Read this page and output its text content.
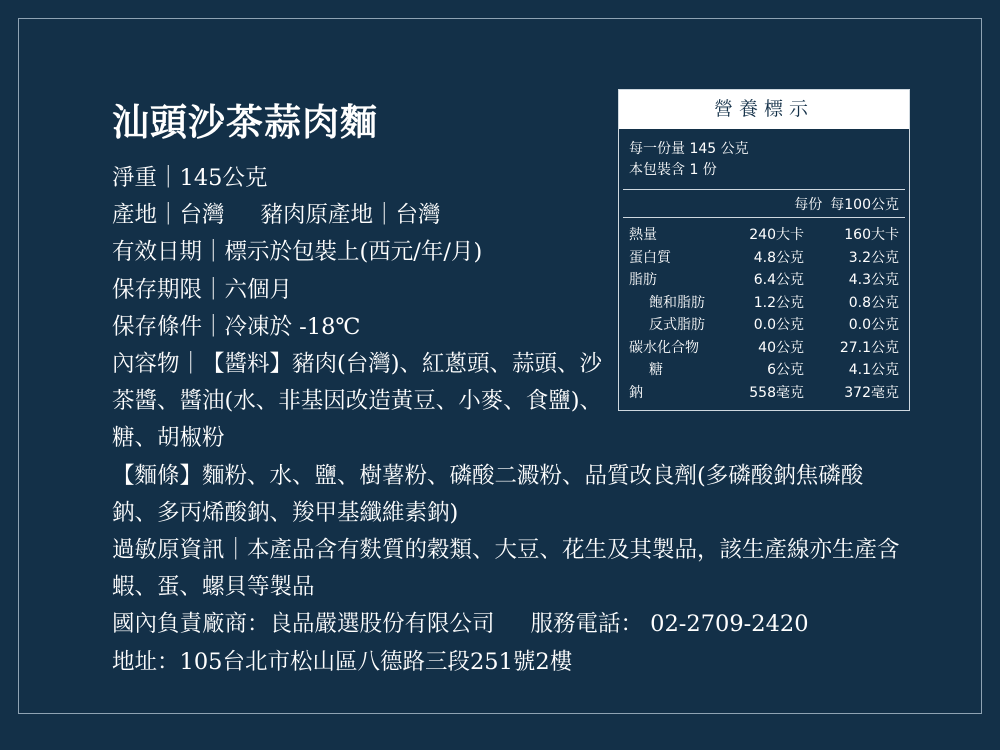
汕頭沙茶蒜肉麵
淨重｜145公克
產地｜台灣 豬肉原產地｜台灣
有效日期｜標示於包裝上(西元/年/月)
保存期限｜六個月
保存條件｜冷凍於 -18℃
內容物｜【醬料】豬肉(台灣)、紅蔥頭、蒜頭、沙茶醬、醬油(水、非基因改造黃豆、小麥、食鹽)、糖、胡椒粉
【麵條】麵粉、水、鹽、樹薯粉、磷酸二澱粉、品質改良劑(多磷酸鈉焦磷酸鈉、多丙烯酸鈉、羧甲基纖維素鈉)
過敏原資訊｜本產品含有麩質的穀類、大豆、花生及其製品，該生產線亦生產含蝦、蛋、螺貝等製品
國內負責廠商：良品嚴選股份有限公司 服務電話： 02-2709-2420
地址：105台北市松山區八德路三段251號2樓
營養標示
每一份量 145 公克
本包裝含 1 份
每份 每100公克
熱量	240大卡	160大卡
蛋白質	4.8公克	3.2公克
脂肪	6.4公克	4.3公克
飽和脂肪	1.2公克	0.8公克
反式脂肪	0.0公克	0.0公克
碳水化合物	40公克	27.1公克
糖	6公克	4.1公克
鈉	558毫克	372毫克
